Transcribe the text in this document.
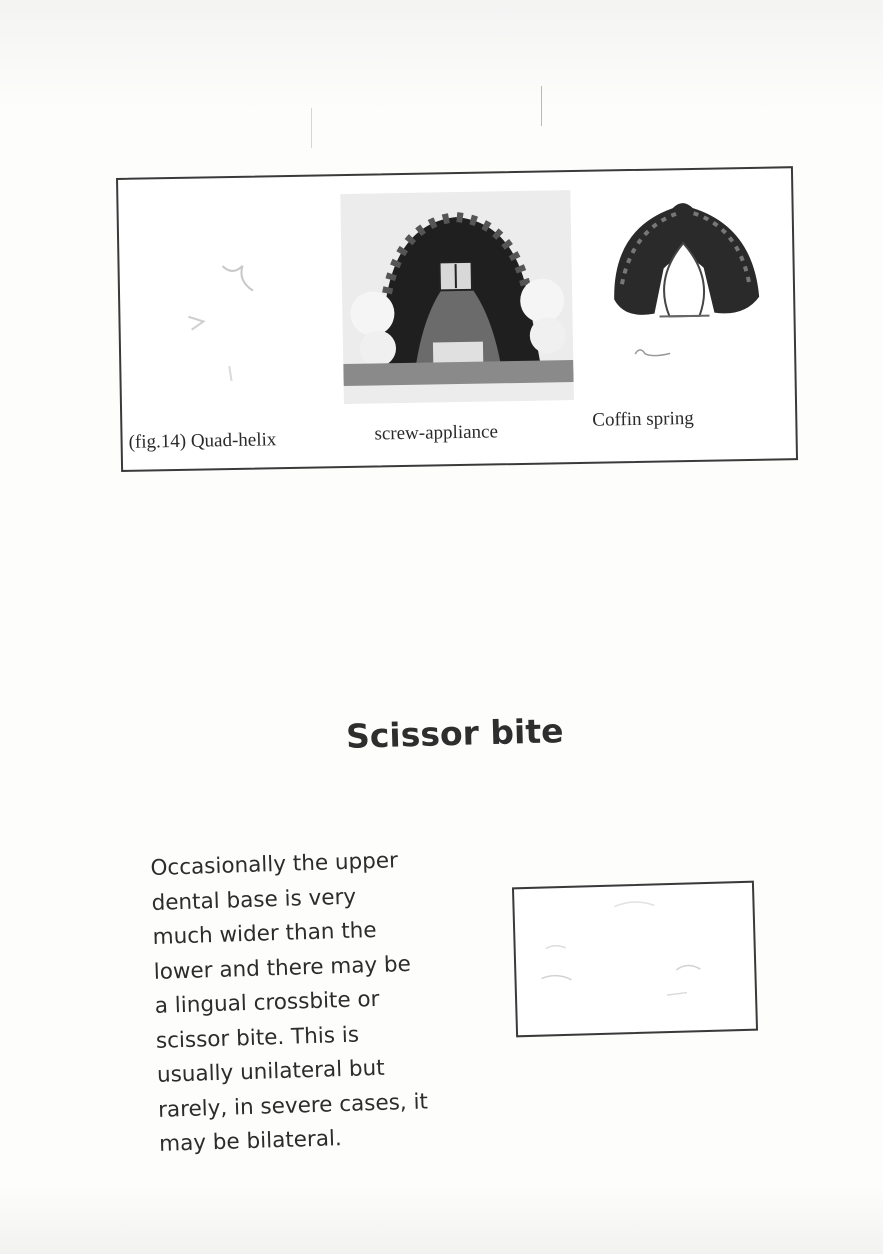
(fig.14) Quad-helix	screw-appliance
Coffin spring
Scissor bite

Occasionally the upper
dental base is very
much wider than the
lower and there may be
a lingual crossbite or
scissor bite. This is
usually unilateral but
rarely, in severe cases, it
may be bilateral.
